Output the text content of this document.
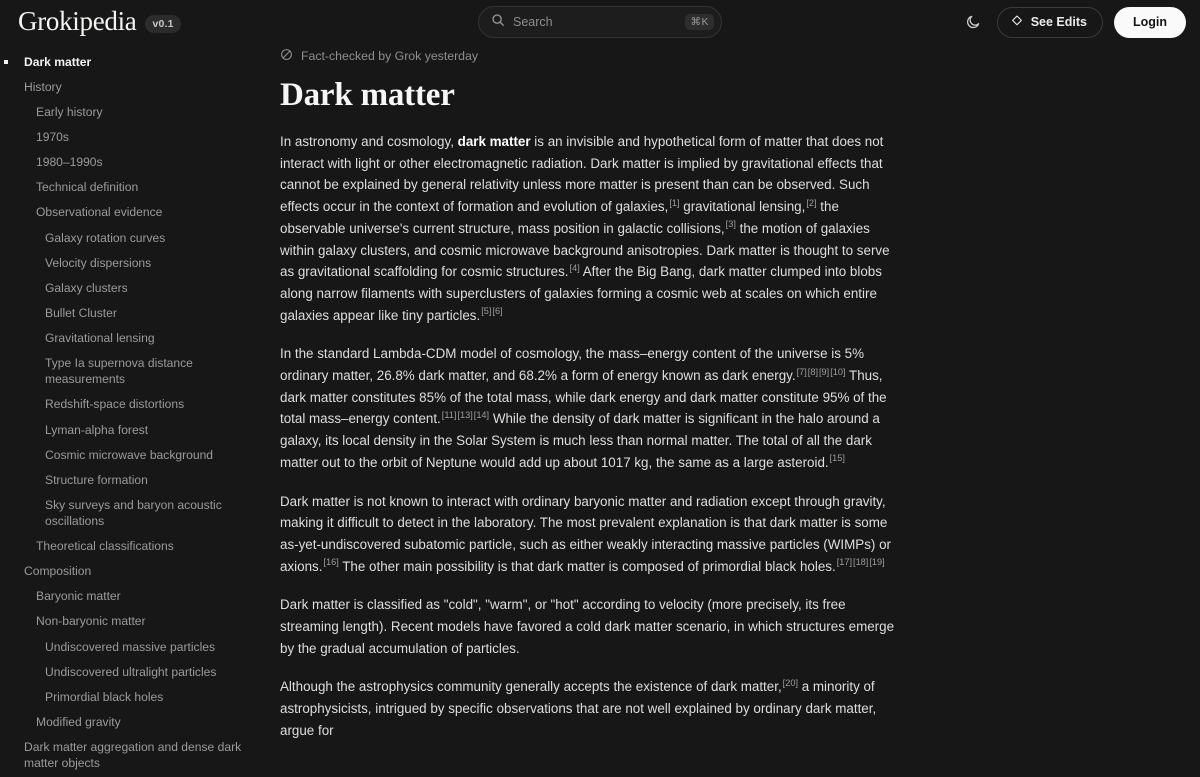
Grokipedia	v0.1
Search	⌘K	See Edits	Login
Dark matter
History
Early history
1970s
1980–1990s
Technical definition
Observational evidence
Galaxy rotation curves
Velocity dispersions
Galaxy clusters
Bullet Cluster
Gravitational lensing
Type Ia supernova distance measurements
Redshift-space distortions
Lyman-alpha forest
Cosmic microwave background
Structure formation
Sky surveys and baryon acoustic oscillations
Theoretical classifications
Composition
Baryonic matter
Non-baryonic matter
Undiscovered massive particles
Undiscovered ultralight particles
Primordial black holes
Modified gravity
Dark matter aggregation and dense dark matter objects
Fact-checked by Grok yesterday
Dark matter

In astronomy and cosmology, dark matter is an invisible and hypothetical form of matter that does not interact with light or other electromagnetic radiation. Dark matter is implied by gravitational effects that cannot be explained by general relativity unless more matter is present than can be observed. Such effects occur in the context of formation and evolution of galaxies,[1] gravitational lensing,[2] the observable universe's current structure, mass position in galactic collisions,[3] the motion of galaxies within galaxy clusters, and cosmic microwave background anisotropies. Dark matter is thought to serve as gravitational scaffolding for cosmic structures.[4] After the Big Bang, dark matter clumped into blobs along narrow filaments with superclusters of galaxies forming a cosmic web at scales on which entire galaxies appear like tiny particles.[5][6]

In the standard Lambda-CDM model of cosmology, the mass–energy content of the universe is 5% ordinary matter, 26.8% dark matter, and 68.2% a form of energy known as dark energy.[7][8][9][10] Thus, dark matter constitutes 85% of the total mass, while dark energy and dark matter constitute 95% of the total mass–energy content.[11][13][14] While the density of dark matter is significant in the halo around a galaxy, its local density in the Solar System is much less than normal matter. The total of all the dark matter out to the orbit of Neptune would add up about 1017 kg, the same as a large asteroid.[15]

Dark matter is not known to interact with ordinary baryonic matter and radiation except through gravity, making it difficult to detect in the laboratory. The most prevalent explanation is that dark matter is some as-yet-undiscovered subatomic particle, such as either weakly interacting massive particles (WIMPs) or axions.[16] The other main possibility is that dark matter is composed of primordial black holes.[17][18][19]

Dark matter is classified as "cold", "warm", or "hot" according to velocity (more precisely, its free streaming length). Recent models have favored a cold dark matter scenario, in which structures emerge by the gradual accumulation of particles.

Although the astrophysics community generally accepts the existence of dark matter,[20] a minority of astrophysicists, intrigued by specific observations that are not well explained by ordinary dark matter, argue for
